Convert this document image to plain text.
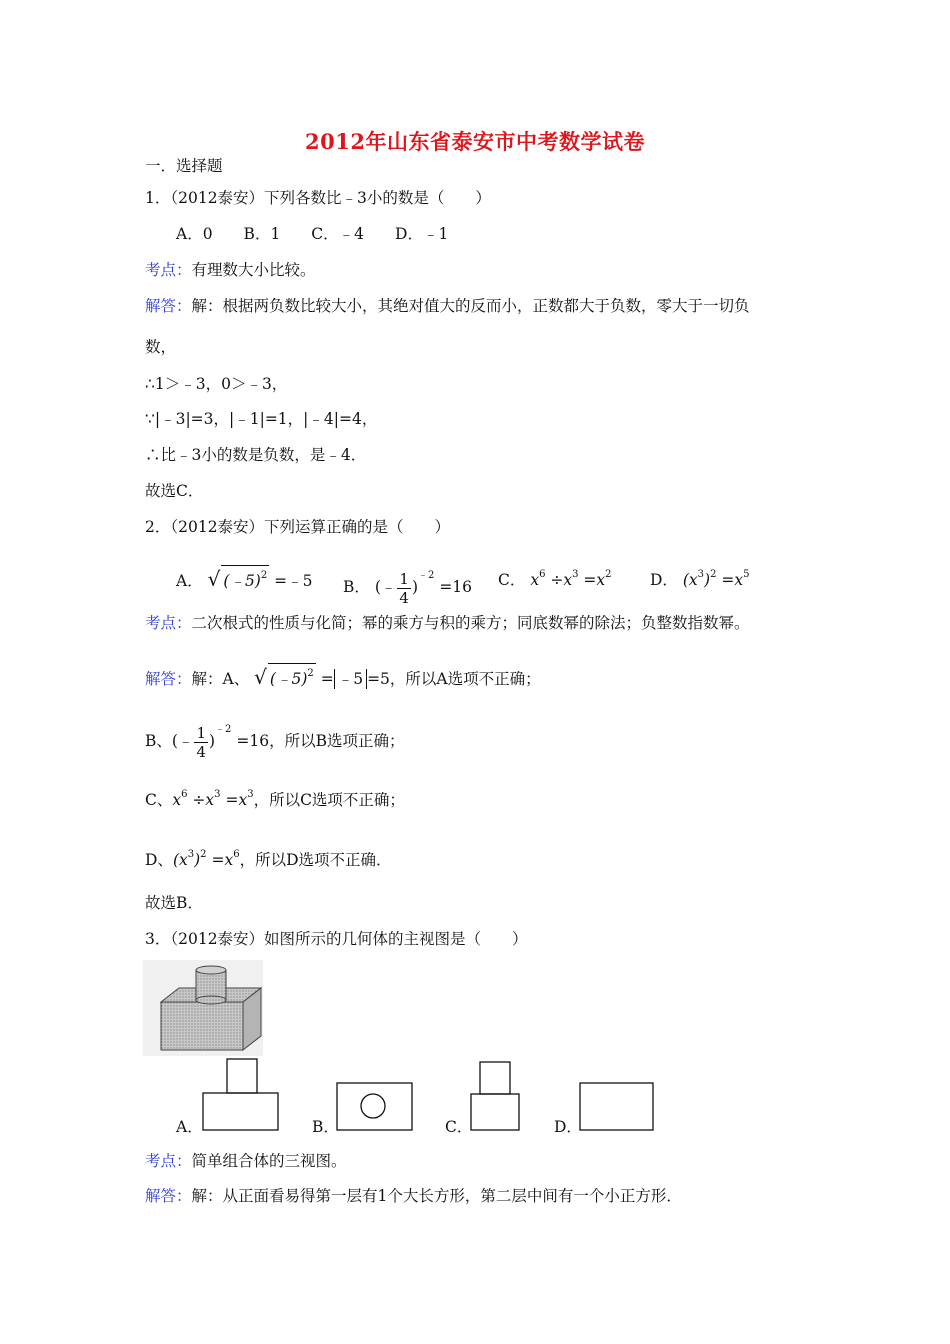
2012年山东省泰安市中考数学试卷
一．选择题
1．（2012泰安）下列各数比﹣3小的数是（　　）
A．0　　B．1　　C．﹣4　　D．﹣1
考点：有理数大小比较。
解答：解：根据两负数比较大小，其绝对值大的反而小，正数都大于负数，零大于一切负
数，
∴1＞﹣3，0＞﹣3，
∵|﹣3|=3，|﹣1|=1，|﹣4|=4，
∴比﹣3小的数是负数，是﹣4．
故选C．
2．（2012泰安）下列运算正确的是（　　）
A． √ (﹣5)$^2$ =﹣5 B． (﹣ $\frac{1}{4} )^{﹣2} =16$ C． $x^6 \div x^3 =x^2$ D． $(x^3)^2 =x^5$
考点：二次根式的性质与化简；幂的乘方与积的乘方；同底数幂的除法；负整数指数幂。
解答：解：A、 √ (﹣5)$^2$ = ﹣5 =5，所以A选项不正确；
B、(﹣ $\frac{1}{4} )^{﹣2} =16$，所以B选项正确；
C、$x^6 \div x^3 =x^3$，所以C选项不正确；
D、$(x^3)^2 =x^6$，所以D选项不正确．
故选B．
3．（2012泰安）如图所示的几何体的主视图是（　　）
A．	B．	C．	D．
考点：简单组合体的三视图。
解答：解：从正面看易得第一层有1个大长方形，第二层中间有一个小正方形．
